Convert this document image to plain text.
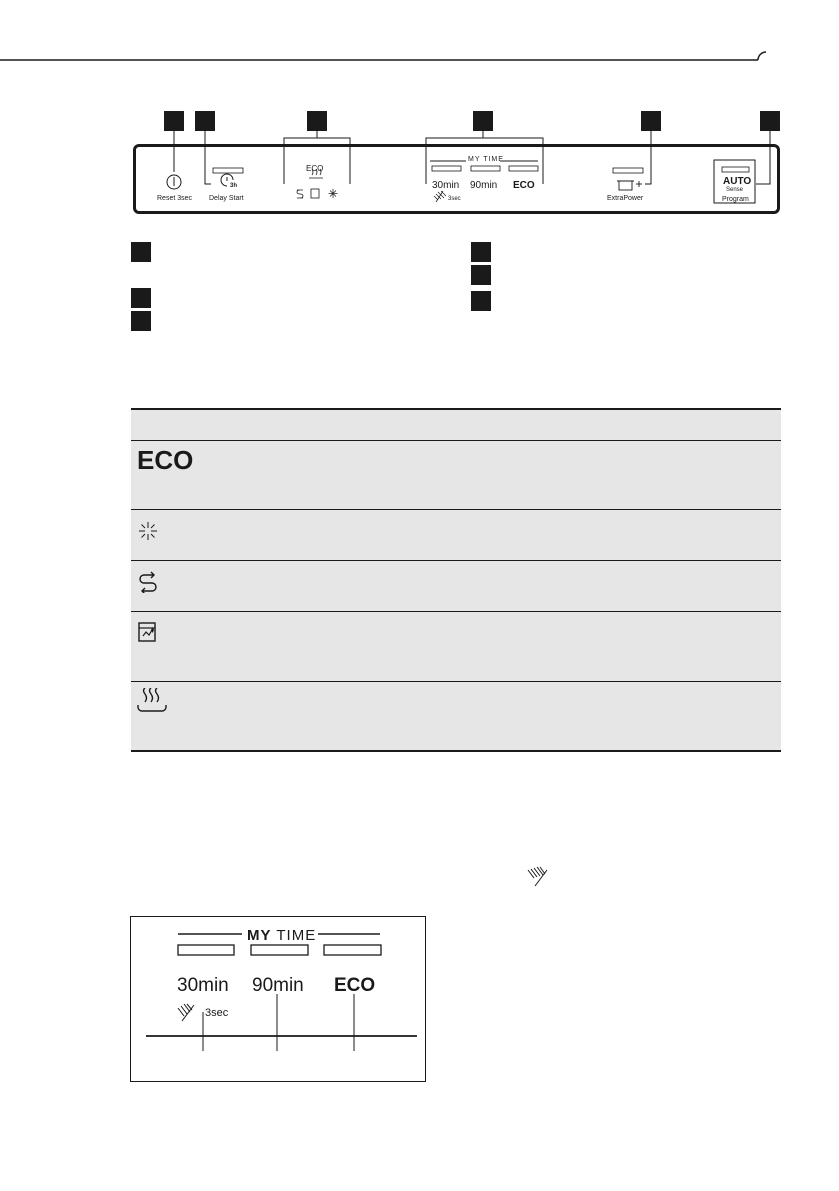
Reset 3sec Delay Start
3h
ECO
MY TIME
30min 90min ECO
3sec	ExtraPower
AUTO
Sense
Program
ECO
MY TIME
30min 90min ECO
3sec
